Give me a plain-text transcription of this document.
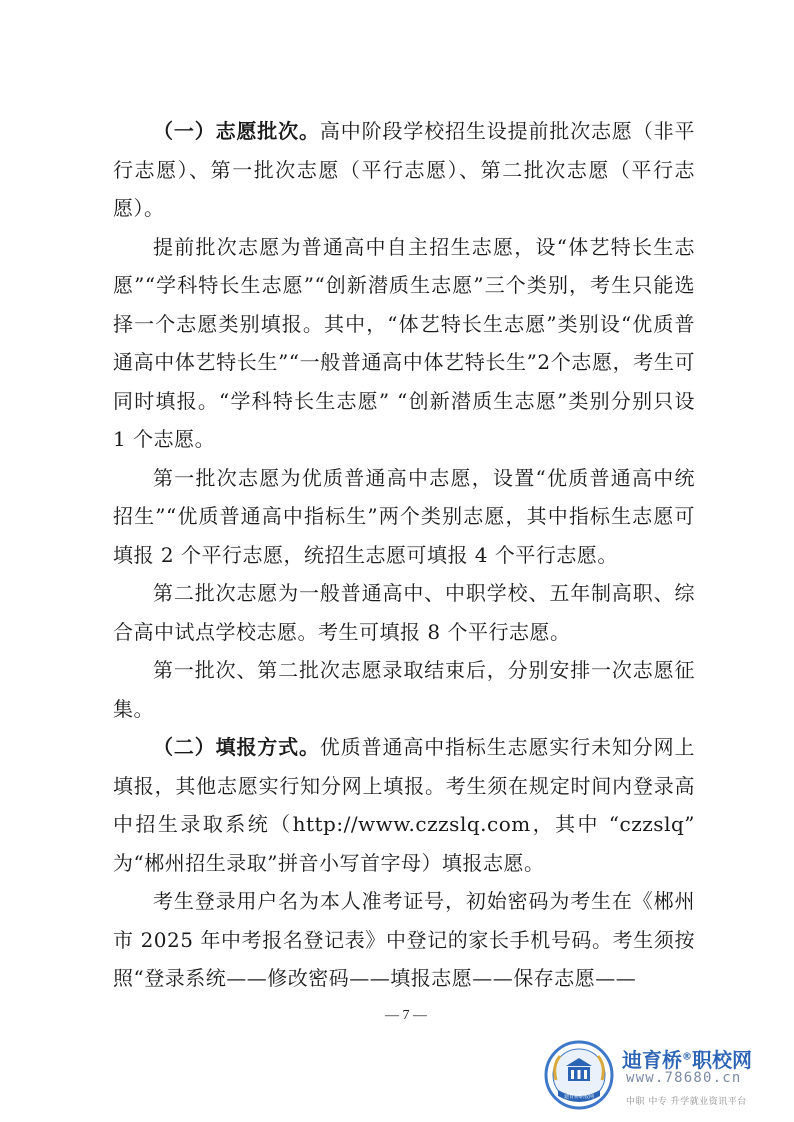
（一）志愿批次。高中阶段学校招生设提前批次志愿（非平行志愿）、第一批次志愿（平行志愿）、第二批次志愿（平行志愿）。

提前批次志愿为普通高中自主招生志愿，设“体艺特长生志愿”“学科特长生志愿”“创新潜质生志愿”三个类别，考生只能选择一个志愿类别填报。其中，“体艺特长生志愿”类别设“优质普通高中体艺特长生”“一般普通高中体艺特长生”2个志愿，考生可同时填报。“学科特长生志愿” “创新潜质生志愿”类别分别只设 1 个志愿。

第一批次志愿为优质普通高中志愿，设置“优质普通高中统招生”“优质普通高中指标生”两个类别志愿，其中指标生志愿可填报 2 个平行志愿，统招生志愿可填报 4 个平行志愿。

第二批次志愿为一般普通高中、中职学校、五年制高职、综合高中试点学校志愿。考生可填报 8 个平行志愿。

第一批次、第二批次志愿录取结束后，分别安排一次志愿征集。

（二）填报方式。优质普通高中指标生志愿实行未知分网上填报，其他志愿实行知分网上填报。考生须在规定时间内登录高中招生录取系统（http://www.czzslq.com，其中 “czzslq” 为“郴州招生录取”拼音小写首字母）填报志愿。

考生登录用户名为本人准考证号，初始密码为考生在《郴州市 2025 年中考报名登记表》中登记的家长手机号码。考生须按照“登录系统——修改密码——填报志愿——保存志愿——

— 7 —
迪育桥职校网
迪育桥®职校网
www.78680.cn
中职 中专 升学就业资讯平台
